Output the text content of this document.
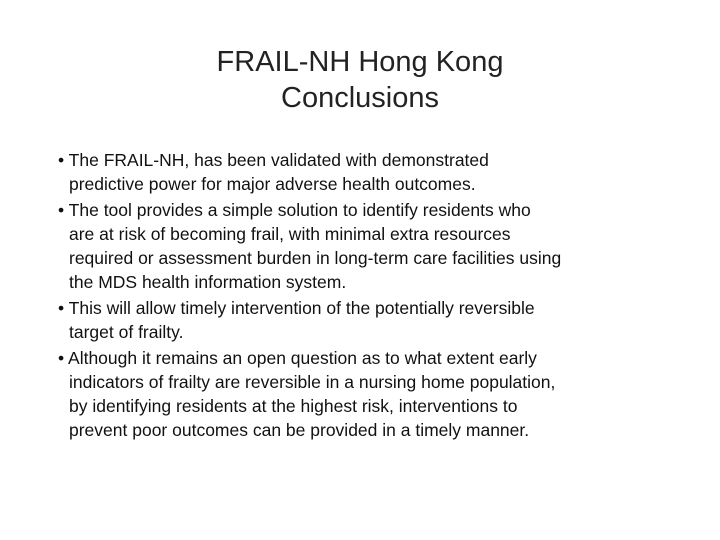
FRAIL-NH Hong Kong
Conclusions
• The FRAIL-NH, has been validated with demonstrated
predictive power for major adverse health outcomes.
• The tool provides a simple solution to identify residents who
are at risk of becoming frail, with minimal extra resources
required or assessment burden in long-term care facilities using
the MDS health information system.
• This will allow timely intervention of the potentially reversible
target of frailty.
• Although it remains an open question as to what extent early
indicators of frailty are reversible in a nursing home population,
by identifying residents at the highest risk, interventions to
prevent poor outcomes can be provided in a timely manner.
